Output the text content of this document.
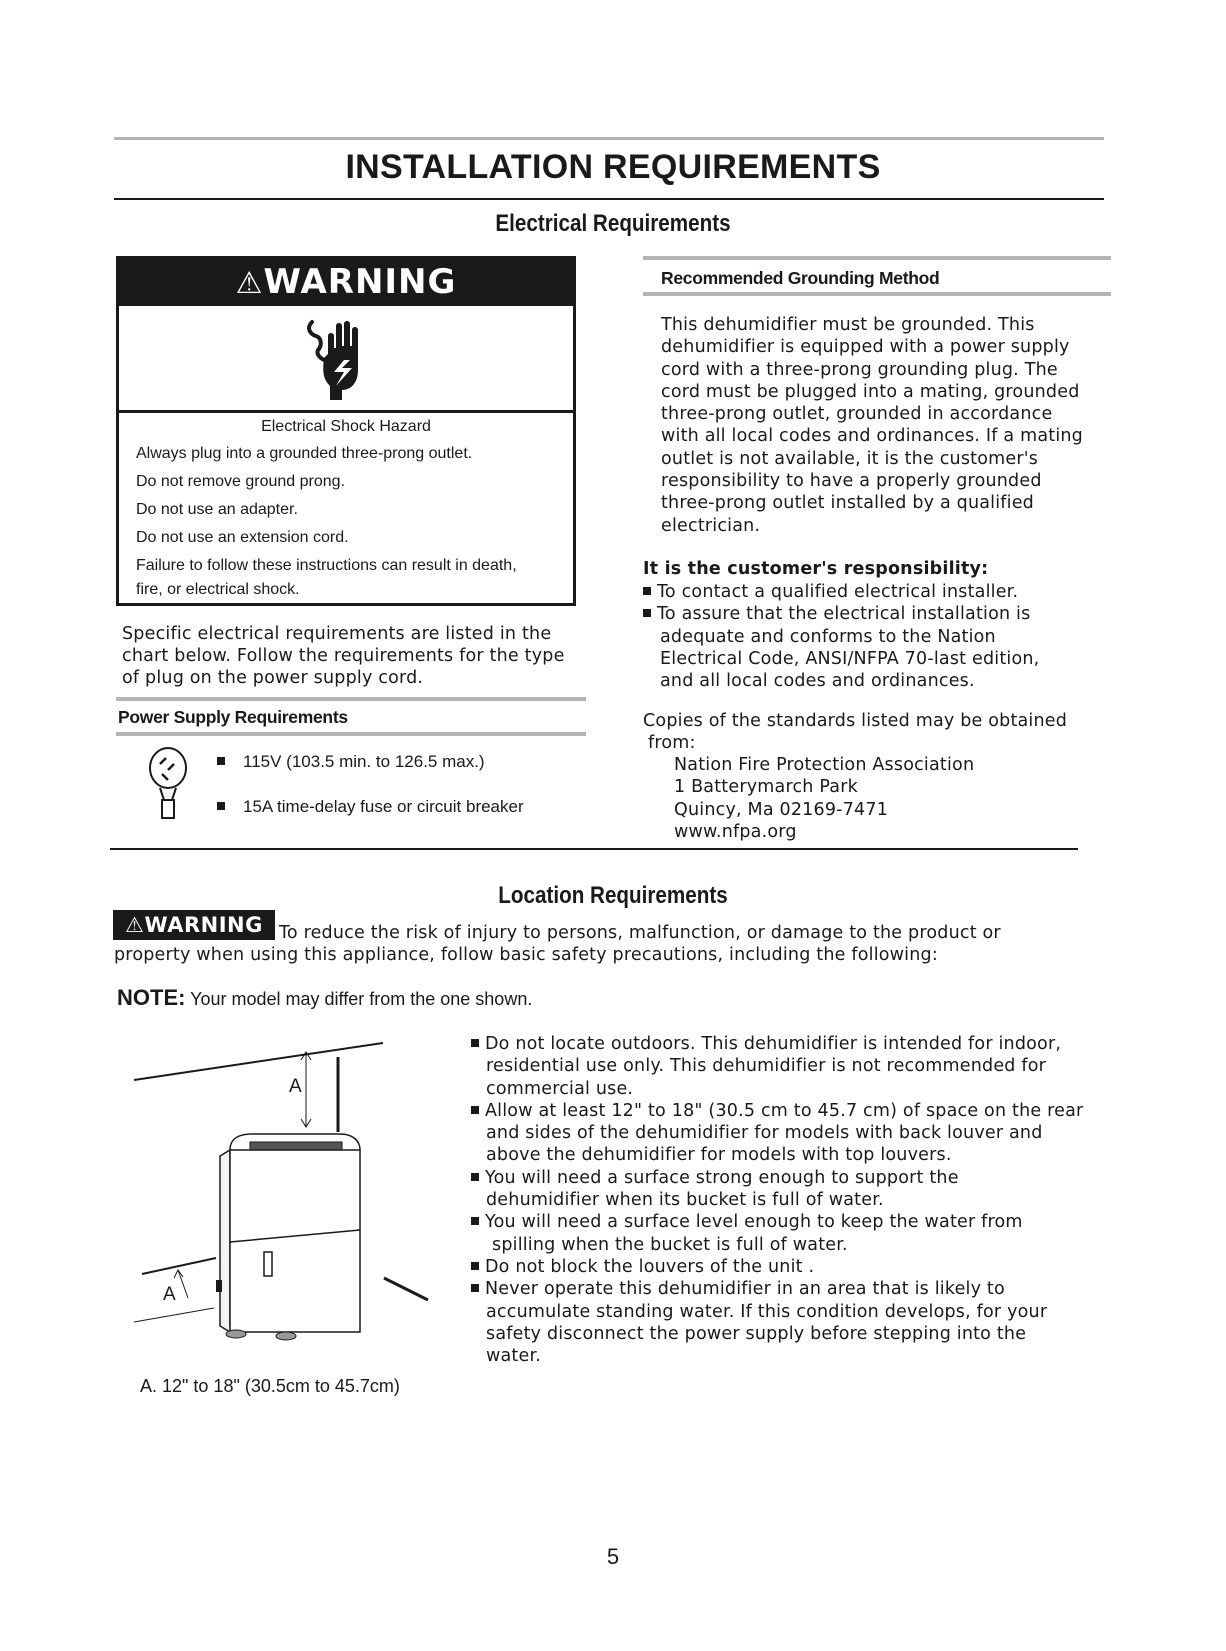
INSTALLATION REQUIREMENTS
Electrical Requirements
⚠WARNING
Electrical Shock Hazard
Always plug into a grounded three-prong outlet.
Do not remove ground prong.
Do not use an adapter.
Do not use an extension cord.
Failure to follow these instructions can result in death,
fire, or electrical shock.
Specific electrical requirements are listed in the
chart below. Follow the requirements for the type
of plug on the power supply cord.
Power Supply Requirements
115V (103.5 min. to 126.5 max.)
15A time-delay fuse or circuit breaker
Recommended Grounding Method
This dehumidifier must be grounded. This
dehumidifier is equipped with a power supply
cord with a three-prong grounding plug. The
cord must be plugged into a mating, grounded
three-prong outlet, grounded in accordance
with all local codes and ordinances. If a mating
outlet is not available, it is the customer's
responsibility to have a properly grounded
three-prong outlet installed by a qualified
electrician.
It is the customer's responsibility:
To contact a qualified electrical installer.
To assure that the electrical installation is
adequate and conforms to the Nation
Electrical Code, ANSI/NFPA 70-last edition,
and all local codes and ordinances.
Copies of the standards listed may be obtained
from:
Nation Fire Protection Association
1 Batterymarch Park
Quincy, Ma 02169-7471
www.nfpa.org
Location Requirements
⚠WARNING To reduce the risk of injury to persons, malfunction, or damage to the product or
property when using this appliance, follow basic safety precautions, including the following:
NOTE: Your model may differ from the one shown.
A
A
A. 12" to 18" (30.5cm to 45.7cm)
Do not locate outdoors. This dehumidifier is intended for indoor,
residential use only. This dehumidifier is not recommended for
commercial use.
Allow at least 12" to 18" (30.5 cm to 45.7 cm) of space on the rear
and sides of the dehumidifier for models with back louver and
above the dehumidifier for models with top louvers.
You will need a surface strong enough to support the
dehumidifier when its bucket is full of water.
You will need a surface level enough to keep the water from
spilling when the bucket is full of water.
Do not block the louvers of the unit .
Never operate this dehumidifier in an area that is likely to
accumulate standing water. If this condition develops, for your
safety disconnect the power supply before stepping into the
water.
5
